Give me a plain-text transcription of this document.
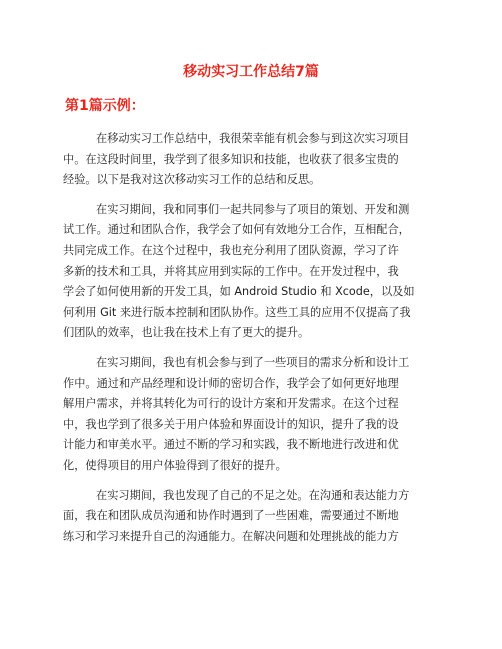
移动实习工作总结7篇
第1篇示例：
在移动实习工作总结中，我很荣幸能有机会参与到这次实习项目
中。在这段时间里，我学到了很多知识和技能，也收获了很多宝贵的
经验。以下是我对这次移动实习工作的总结和反思。
在实习期间，我和同事们一起共同参与了项目的策划、开发和测
试工作。通过和团队合作，我学会了如何有效地分工合作，互相配合，
共同完成工作。在这个过程中，我也充分利用了团队资源，学习了许
多新的技术和工具，并将其应用到实际的工作中。在开发过程中，我
学会了如何使用新的开发工具，如 Android Studio 和 Xcode，以及如
何利用 Git 来进行版本控制和团队协作。这些工具的应用不仅提高了我
们团队的效率，也让我在技术上有了更大的提升。
在实习期间，我也有机会参与到了一些项目的需求分析和设计工
作中。通过和产品经理和设计师的密切合作，我学会了如何更好地理
解用户需求，并将其转化为可行的设计方案和开发需求。在这个过程
中，我也学到了很多关于用户体验和界面设计的知识，提升了我的设
计能力和审美水平。通过不断的学习和实践，我不断地进行改进和优
化，使得项目的用户体验得到了很好的提升。
在实习期间，我也发现了自己的不足之处。在沟通和表达能力方
面，我在和团队成员沟通和协作时遇到了一些困难，需要通过不断地
练习和学习来提升自己的沟通能力。在解决问题和处理挑战的能力方
